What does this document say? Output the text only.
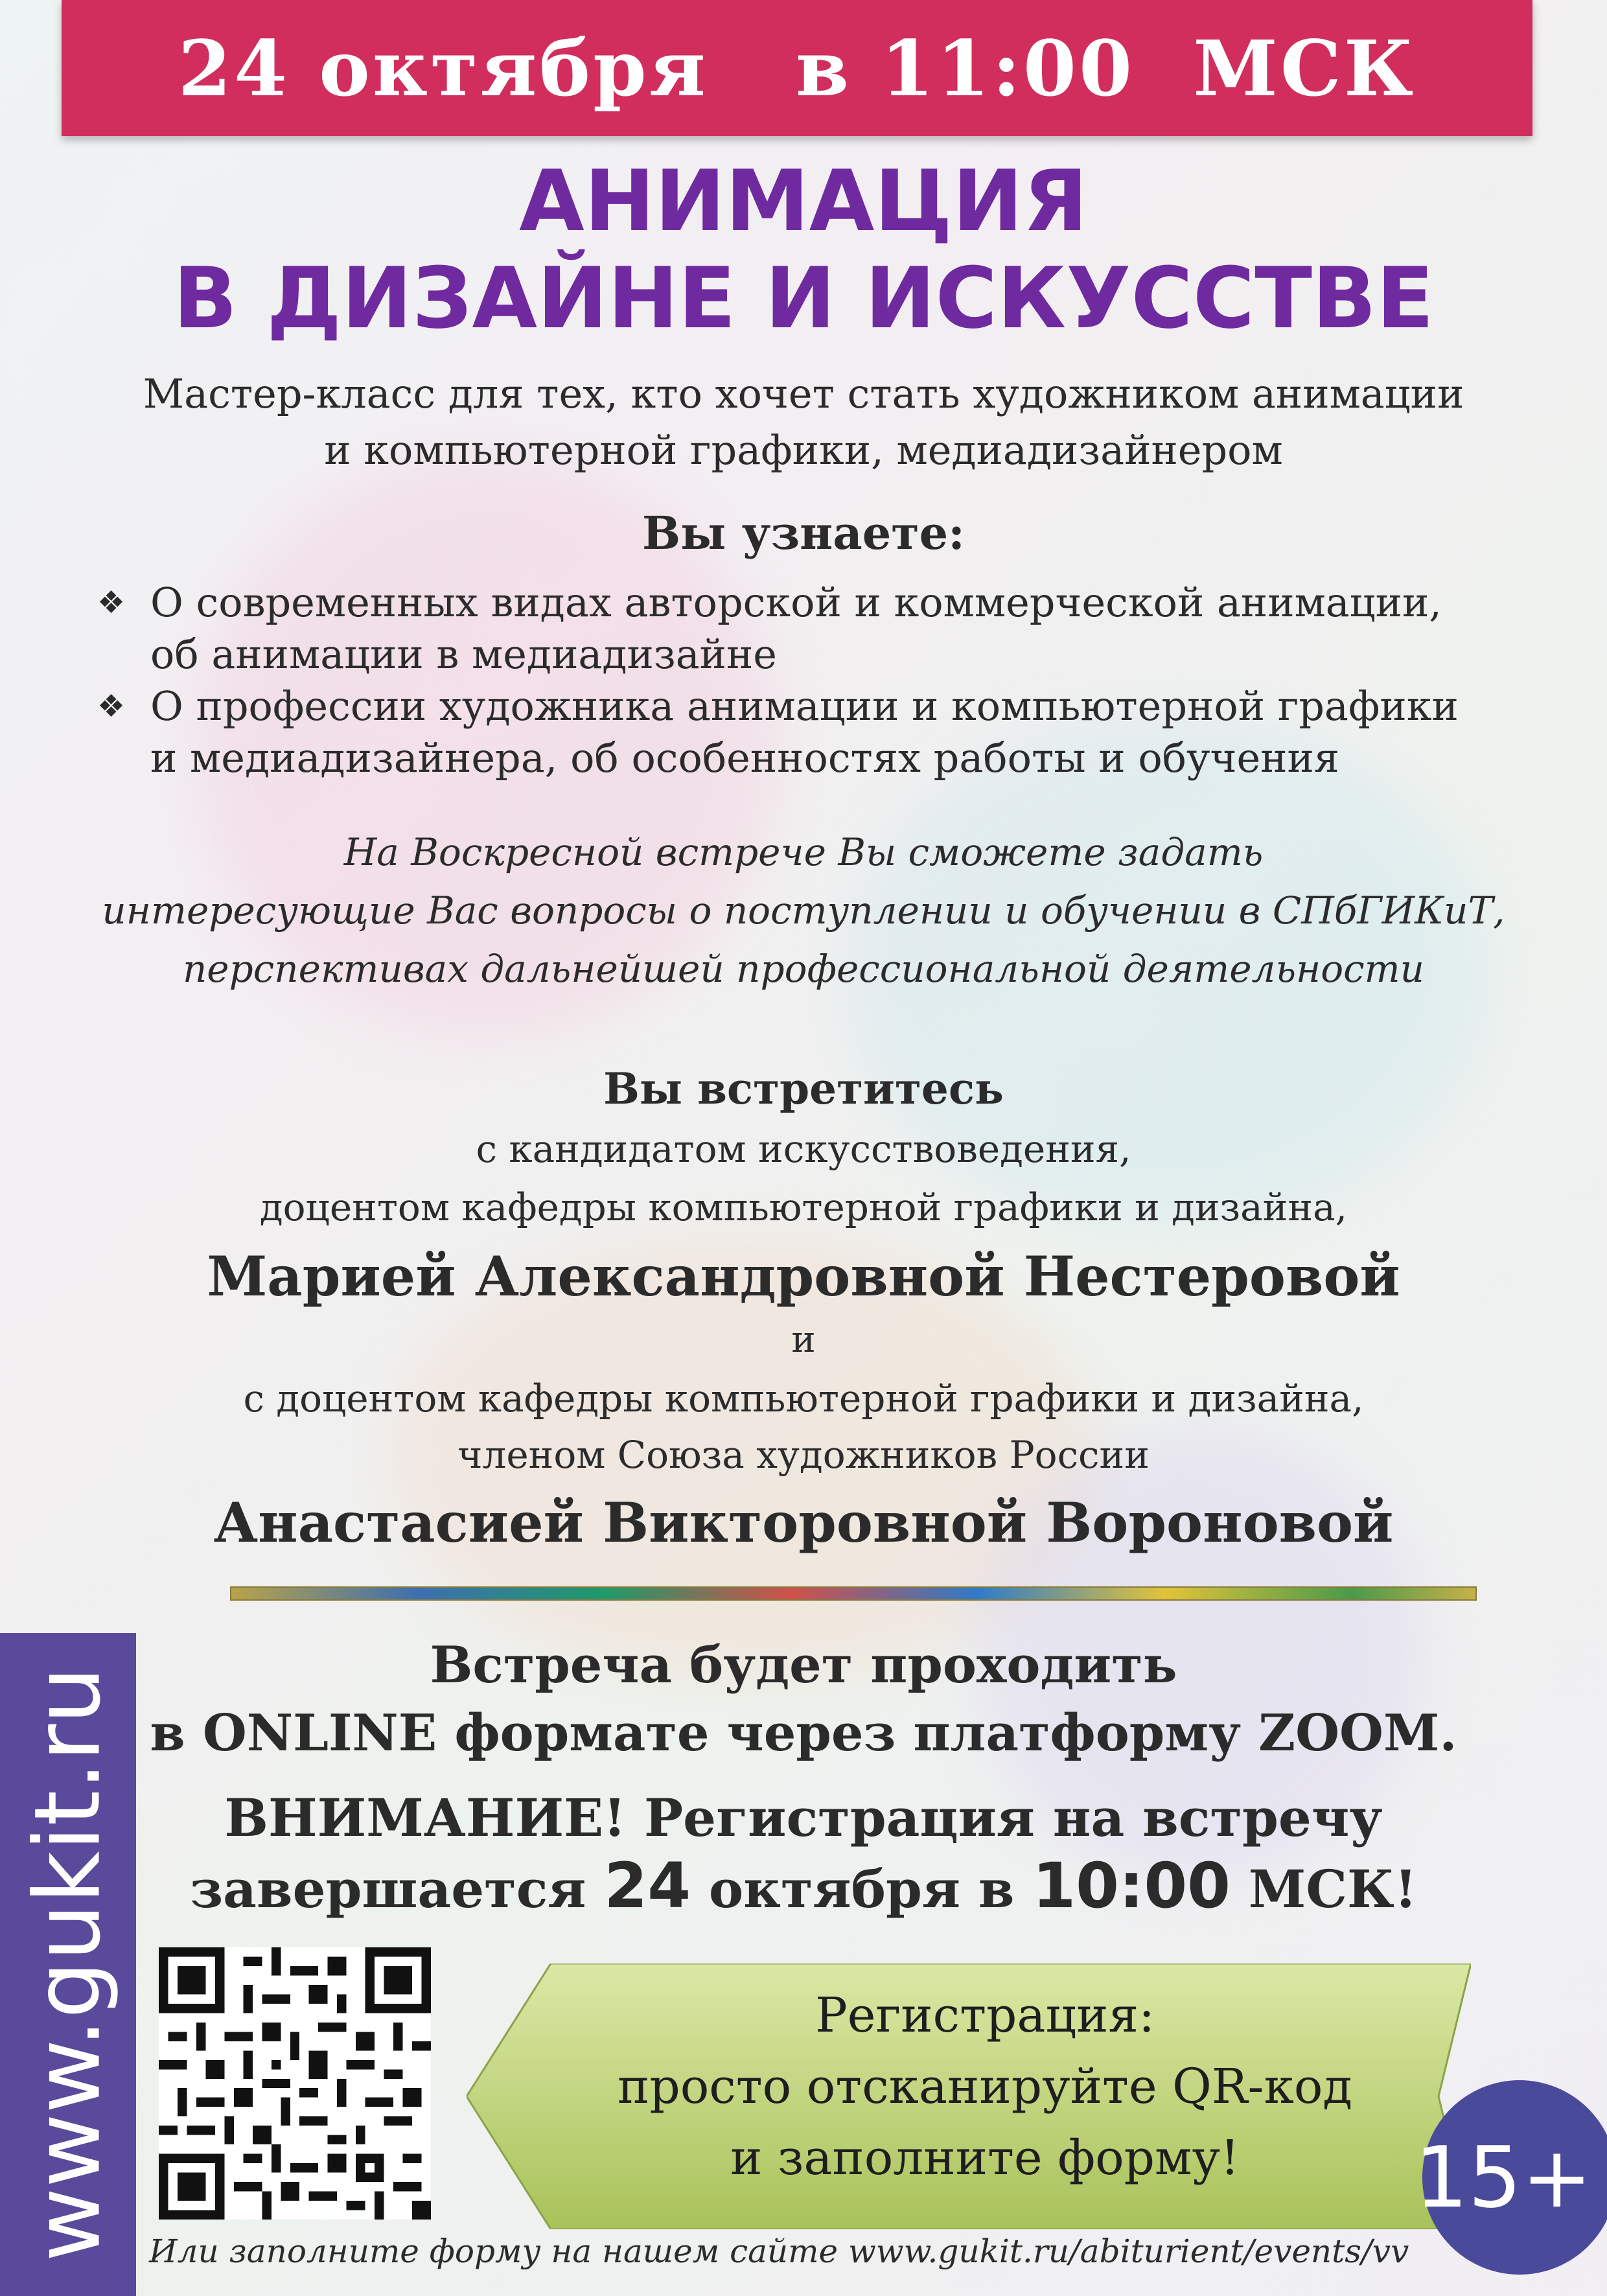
24 октября   в 11:00  МСК
АНИМАЦИЯ
В ДИЗАЙНЕ И ИСКУССТВЕ
Мастер-класс для тех, кто хочет стать художником анимации
и компьютерной графики, медиадизайнером
Вы узнаете:
❖ О современных видах авторской и коммерческой анимации,
об анимации в медиадизайне
❖ О профессии художника анимации и компьютерной графики
и медиадизайнера, об особенностях работы и обучения
На Воскресной встрече Вы сможете задать
интересующие Вас вопросы о поступлении и обучении в СПбГИКиТ,
перспективах дальнейшей профессиональной деятельности
Вы встретитесь
с кандидатом искусствоведения,
доцентом кафедры компьютерной графики и дизайна,
Марией Александровной Нестеровой
и
с доцентом кафедры компьютерной графики и дизайна,
членом Союза художников России
Анастасией Викторовной Вороновой
Встреча будет проходить
в ONLINE формате через платформу ZOOM.
ВНИМАНИЕ! Регистрация на встречу
завершается 24 октября в 10:00 МСК!
www.gukit.ru	Регистрация:
просто отсканируйте QR-код
и заполните форму!	15+
Или заполните форму на нашем сайте www.gukit.ru/abiturient/events/vv
